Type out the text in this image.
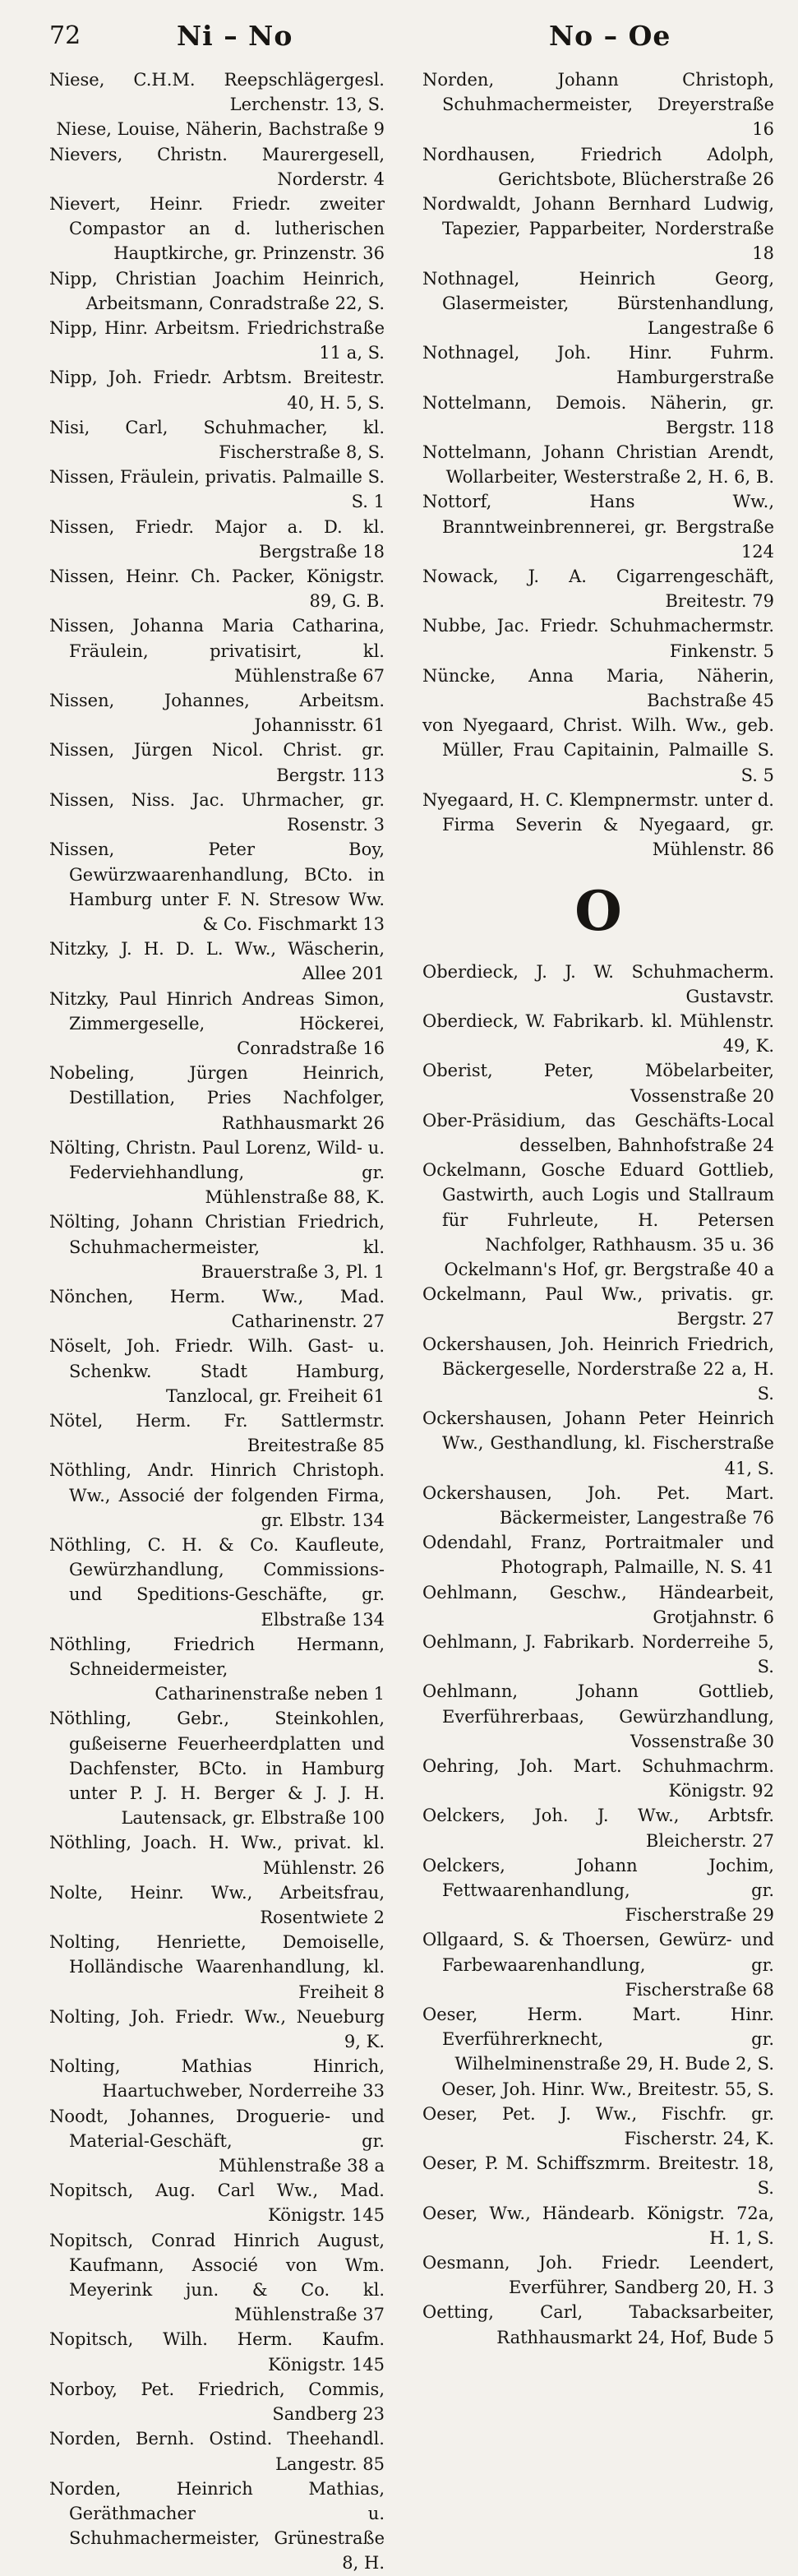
72	Ni – No	No – Oe
Niese, C.H.M. Reepschlägergesl. Lerchenstr. 13, S.
Niese, Louise, Näherin, Bachstraße 9
Nievers, Christn. Maurergesell, Norderstr. 4
Nievert, Heinr. Friedr. zweiter Compastor an d. lutherischen Hauptkirche, gr. Prinzenstr. 36
Nipp, Christian Joachim Heinrich, Arbeitsmann, Conradstraße 22, S.
Nipp, Hinr. Arbeitsm. Friedrichstraße 11 a, S.
Nipp, Joh. Friedr. Arbtsm. Breitestr. 40, H. 5, S.
Nisi, Carl, Schuhmacher, kl. Fischerstraße 8, S.
Nissen, Fräulein, privatis. Palmaille S. S. 1
Nissen, Friedr. Major a. D. kl. Bergstraße 18
Nissen, Heinr. Ch. Packer, Königstr. 89, G. B.
Nissen, Johanna Maria Catharina, Fräulein, privatisirt, kl. Mühlenstraße 67
Nissen, Johannes, Arbeitsm. Johannisstr. 61
Nissen, Jürgen Nicol. Christ. gr. Bergstr. 113
Nissen, Niss. Jac. Uhrmacher, gr. Rosenstr. 3
Nissen, Peter Boy, Gewürzwaarenhandlung, BCto. in Hamburg unter F. N. Stresow Ww. & Co. Fischmarkt 13
Nitzky, J. H. D. L. Ww., Wäscherin, Allee 201
Nitzky, Paul Hinrich Andreas Simon, Zimmergeselle, Höckerei, Conradstraße 16
Nobeling, Jürgen Heinrich, Destillation, Pries Nachfolger, Rathhausmarkt 26
Nölting, Christn. Paul Lorenz, Wild- u. Federviehhandlung, gr. Mühlenstraße 88, K.
Nölting, Johann Christian Friedrich, Schuhmachermeister, kl. Brauerstraße 3, Pl. 1
Nönchen, Herm. Ww., Mad. Catharinenstr. 27
Nöselt, Joh. Friedr. Wilh. Gast- u. Schenkw. Stadt Hamburg, Tanzlocal, gr. Freiheit 61
Nötel, Herm. Fr. Sattlermstr. Breitestraße 85
Nöthling, Andr. Hinrich Christoph. Ww., Associé der folgenden Firma, gr. Elbstr. 134
Nöthling, C. H. & Co. Kaufleute, Gewürzhandlung, Commissions- und Speditions-Geschäfte, gr. Elbstraße 134
Nöthling, Friedrich Hermann, Schneidermeister, Catharinenstraße neben 1
Nöthling, Gebr., Steinkohlen, gußeiserne Feuerheerdplatten und Dachfenster, BCto. in Hamburg unter P. J. H. Berger & J. J. H. Lautensack, gr. Elbstraße 100
Nöthling, Joach. H. Ww., privat. kl. Mühlenstr. 26
Nolte, Heinr. Ww., Arbeitsfrau, Rosentwiete 2
Nolting, Henriette, Demoiselle, Holländische Waarenhandlung, kl. Freiheit 8
Nolting, Joh. Friedr. Ww., Neueburg 9, K.
Nolting, Mathias Hinrich, Haartuchweber, Norderreihe 33
Noodt, Johannes, Droguerie- und Material-Geschäft, gr. Mühlenstraße 38 a
Nopitsch, Aug. Carl Ww., Mad. Königstr. 145
Nopitsch, Conrad Hinrich August, Kaufmann, Associé von Wm. Meyerink jun. & Co. kl. Mühlenstraße 37
Nopitsch, Wilh. Herm. Kaufm. Königstr. 145
Norboy, Pet. Friedrich, Commis, Sandberg 23
Norden, Bernh. Ostind. Theehandl. Langestr. 85
Norden, Heinrich Mathias, Geräthmacher u. Schuhmachermeister, Grünestraße 8, H.
Norden, Johann Christoph, Schuhmachermeister, Dreyerstraße 16
Nordhausen, Friedrich Adolph, Gerichtsbote, Blücherstraße 26
Nordwaldt, Johann Bernhard Ludwig, Tapezier, Papparbeiter, Norderstraße 18
Nothnagel, Heinrich Georg, Glasermeister, Bürstenhandlung, Langestraße 6
Nothnagel, Joh. Hinr. Fuhrm. Hamburgerstraße
Nottelmann, Demois. Näherin, gr. Bergstr. 118
Nottelmann, Johann Christian Arendt, Wollarbeiter, Westerstraße 2, H. 6, B.
Nottorf, Hans Ww., Branntweinbrennerei, gr. Bergstraße 124
Nowack, J. A. Cigarrengeschäft, Breitestr. 79
Nubbe, Jac. Friedr. Schuhmachermstr. Finkenstr. 5
Nüncke, Anna Maria, Näherin, Bachstraße 45
von Nyegaard, Christ. Wilh. Ww., geb. Müller, Frau Capitainin, Palmaille S. S. 5
Nyegaard, H. C. Klempnermstr. unter d. Firma Severin & Nyegaard, gr. Mühlenstr. 86
O
Oberdieck, J. J. W. Schuhmacherm. Gustavstr.
Oberdieck, W. Fabrikarb. kl. Mühlenstr. 49, K.
Oberist, Peter, Möbelarbeiter, Vossenstraße 20
Ober-Präsidium, das Geschäfts-Local desselben, Bahnhofstraße 24
Ockelmann, Gosche Eduard Gottlieb, Gastwirth, auch Logis und Stallraum für Fuhrleute, H. Petersen Nachfolger, Rathhausm. 35 u. 36
Ockelmann's Hof, gr. Bergstraße 40 a
Ockelmann, Paul Ww., privatis. gr. Bergstr. 27
Ockershausen, Joh. Heinrich Friedrich, Bäckergeselle, Norderstraße 22 a, H. S.
Ockershausen, Johann Peter Heinrich Ww., Gesthandlung, kl. Fischerstraße 41, S.
Ockershausen, Joh. Pet. Mart. Bäckermeister, Langestraße 76
Odendahl, Franz, Portraitmaler und Photograph, Palmaille, N. S. 41
Oehlmann, Geschw., Händearbeit, Grotjahnstr. 6
Oehlmann, J. Fabrikarb. Norderreihe 5, S.
Oehlmann, Johann Gottlieb, Everführerbaas, Gewürzhandlung, Vossenstraße 30
Oehring, Joh. Mart. Schuhmachrm. Königstr. 92
Oelckers, Joh. J. Ww., Arbtsfr. Bleicherstr. 27
Oelckers, Johann Jochim, Fettwaarenhandlung, gr. Fischerstraße 29
Ollgaard, S. & Thoersen, Gewürz- und Farbewaarenhandlung, gr. Fischerstraße 68
Oeser, Herm. Mart. Hinr. Everführerknecht, gr. Wilhelminenstraße 29, H. Bude 2, S.
Oeser, Joh. Hinr. Ww., Breitestr. 55, S.
Oeser, Pet. J. Ww., Fischfr. gr. Fischerstr. 24, K.
Oeser, P. M. Schiffszmrm. Breitestr. 18, S.
Oeser, Ww., Händearb. Königstr. 72a, H. 1, S.
Oesmann, Joh. Friedr. Leendert, Everführer, Sandberg 20, H. 3
Oetting, Carl, Tabacksarbeiter, Rathhausmarkt 24, Hof, Bude 5
